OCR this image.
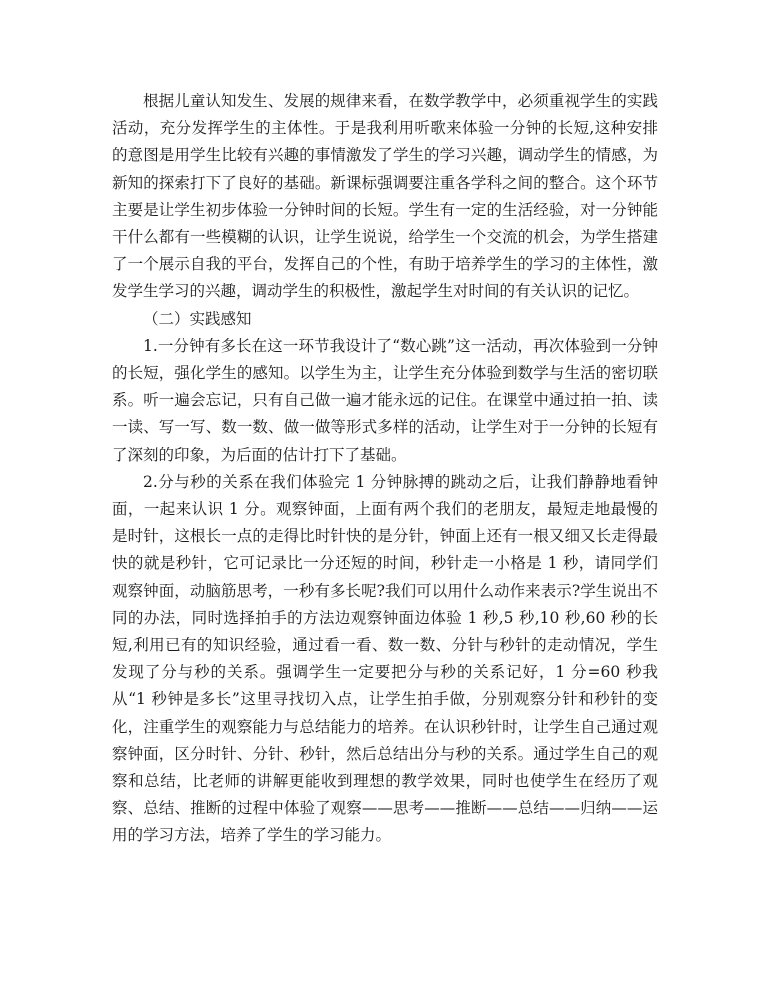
根据儿童认知发生、发展的规律来看，在数学教学中，必须重视学生的实践活动，充分发挥学生的主体性。于是我利用听歌来体验一分钟的长短,这种安排的意图是用学生比较有兴趣的事情激发了学生的学习兴趣，调动学生的情感，为新知的探索打下了良好的基础。新课标强调要注重各学科之间的整合。这个环节主要是让学生初步体验一分钟时间的长短。学生有一定的生活经验，对一分钟能干什么都有一些模糊的认识，让学生说说，给学生一个交流的机会，为学生搭建了一个展示自我的平台，发挥自己的个性，有助于培养学生的学习的主体性，激发学生学习的兴趣，调动学生的积极性，激起学生对时间的有关认识的记忆。

（二）实践感知

1.一分钟有多长在这一环节我设计了“数心跳”这一活动，再次体验到一分钟的长短，强化学生的感知。以学生为主，让学生充分体验到数学与生活的密切联系。听一遍会忘记，只有自己做一遍才能永远的记住。在课堂中通过拍一拍、读一读、写一写、数一数、做一做等形式多样的活动，让学生对于一分钟的长短有了深刻的印象，为后面的估计打下了基础。

2.分与秒的关系在我们体验完 1 分钟脉搏的跳动之后，让我们静静地看钟面，一起来认识 1 分。观察钟面，上面有两个我们的老朋友，最短走地最慢的是时针，这根长一点的走得比时针快的是分针，钟面上还有一根又细又长走得最快的就是秒针，它可记录比一分还短的时间，秒针走一小格是 1 秒，请同学们观察钟面，动脑筋思考，一秒有多长呢?我们可以用什么动作来表示?学生说出不同的办法，同时选择拍手的方法边观察钟面边体验 1 秒,5 秒,10 秒,60 秒的长短,利用已有的知识经验，通过看一看、数一数、分针与秒针的走动情况，学生发现了分与秒的关系。强调学生一定要把分与秒的关系记好，1 分=60 秒我从“1 秒钟是多长”这里寻找切入点，让学生拍手做，分别观察分针和秒针的变化，注重学生的观察能力与总结能力的培养。在认识秒针时，让学生自己通过观察钟面，区分时针、分针、秒针，然后总结出分与秒的关系。通过学生自己的观察和总结，比老师的讲解更能收到理想的教学效果，同时也使学生在经历了观察、总结、推断的过程中体验了观察——思考——推断——总结——归纳——运用的学习方法，培养了学生的学习能力。
